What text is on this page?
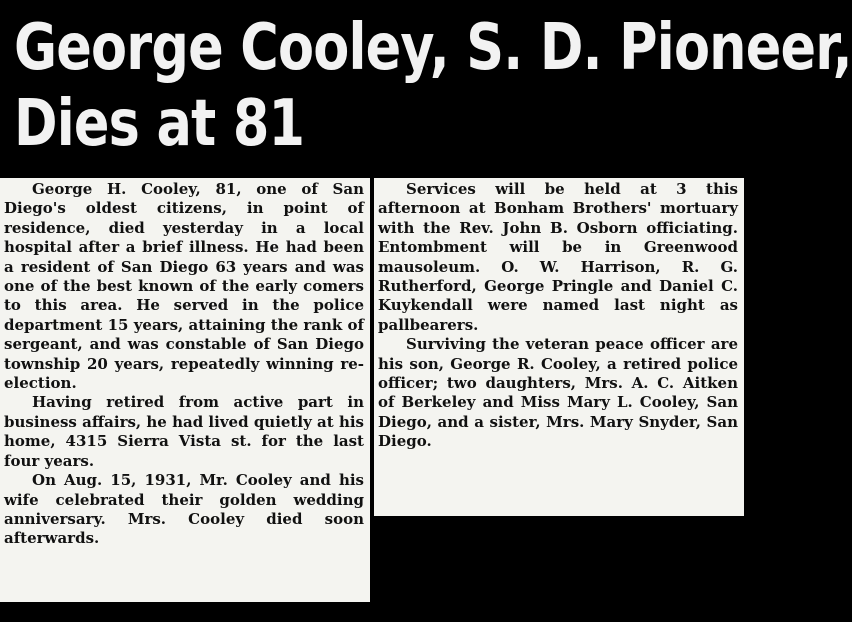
George Cooley, S. D. Pioneer,
Dies at 81

George H. Cooley, 81, one of San Diego's oldest citizens, in point of residence, died yesterday in a local hospital after a brief illness. He had been a resident of San Diego 63 years and was one of the best known of the early comers to this area. He served in the police department 15 years, attaining the rank of sergeant, and was constable of San Diego township 20 years, repeatedly winning re-election.

Having retired from active part in business affairs, he had lived quietly at his home, 4315 Sierra Vista st. for the last four years.

On Aug. 15, 1931, Mr. Cooley and his wife celebrated their golden wedding anniversary. Mrs. Cooley died soon afterwards.

Services will be held at 3 this afternoon at Bonham Brothers' mortuary with the Rev. John B. Osborn officiating. Entombment will be in Greenwood mausoleum. O. W. Harrison, R. G. Rutherford, George Pringle and Daniel C. Kuykendall were named last night as pallbearers.

Surviving the veteran peace officer are his son, George R. Cooley, a retired police officer; two daughters, Mrs. A. C. Aitken of Berkeley and Miss Mary L. Cooley, San Diego, and a sister, Mrs. Mary Snyder, San Diego.
